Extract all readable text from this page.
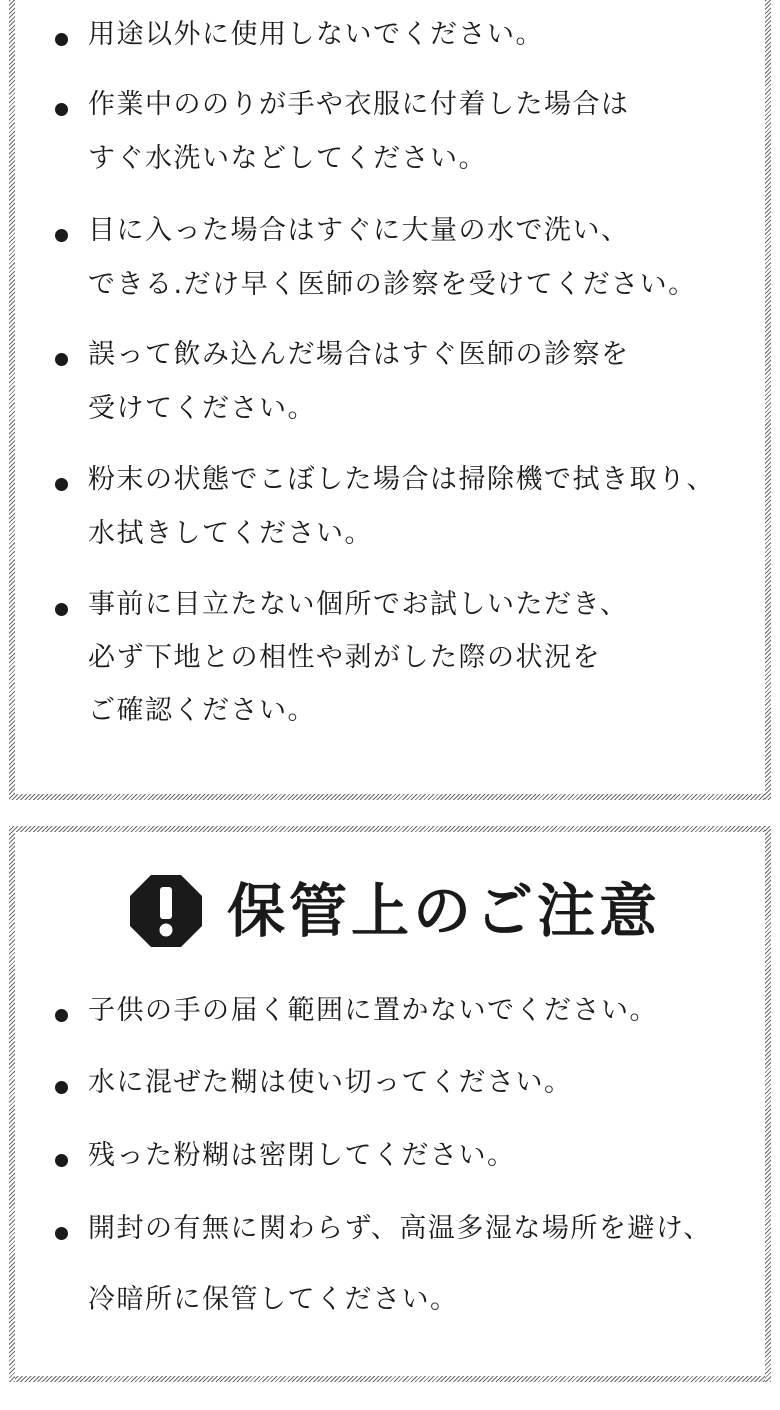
用途以外に使用しないでください。
作業中ののりが手や衣服に付着した場合は
すぐ水洗いなどしてください。
目に入った場合はすぐに大量の水で洗い、
できる.だけ早く医師の診察を受けてください。
誤って飲み込んだ場合はすぐ医師の診察を
受けてください。
粉末の状態でこぼした場合は掃除機で拭き取り、
水拭きしてください。
事前に目立たない個所でお試しいただき、
必ず下地との相性や剥がした際の状況を
ご確認ください。
保管上のご注意
子供の手の届く範囲に置かないでください。
水に混ぜた糊は使い切ってください。
残った粉糊は密閉してください。
開封の有無に関わらず、高温多湿な場所を避け、
冷暗所に保管してください。
